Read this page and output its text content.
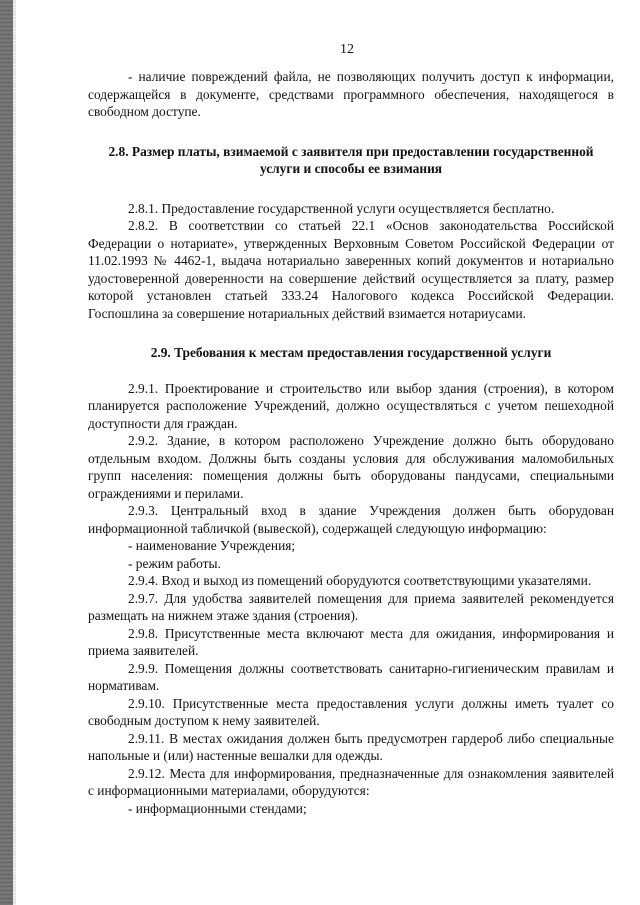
12

- наличие повреждений файла, не позволяющих получить доступ к информации, содержащейся в документе, средствами программного обеспечения, находящегося в свободном доступе.

2.8. Размер платы, взимаемой с заявителя при предоставлении государственной услуги и способы ее взимания

2.8.1. Предоставление государственной услуги осуществляется бесплатно.

2.8.2. В соответствии со статьей 22.1 «Основ законодательства Российской Федерации о нотариате», утвержденных Верховным Советом Российской Федерации от 11.02.1993 № 4462-1, выдача нотариально заверенных копий документов и нотариально удостоверенной доверенности на совершение действий осуществляется за плату, размер которой установлен статьей 333.24 Налогового кодекса Российской Федерации. Госпошлина за совершение нотариальных действий взимается нотариусами.

2.9. Требования к местам предоставления государственной услуги

2.9.1. Проектирование и строительство или выбор здания (строения), в котором планируется расположение Учреждений, должно осуществляться с учетом пешеходной доступности для граждан.

2.9.2. Здание, в котором расположено Учреждение должно быть оборудовано отдельным входом. Должны быть созданы условия для обслуживания маломобильных групп населения: помещения должны быть оборудованы пандусами, специальными ограждениями и перилами.

2.9.3. Центральный вход в здание Учреждения должен быть оборудован информационной табличкой (вывеской), содержащей следующую информацию:

- наименование Учреждения;

- режим работы.

2.9.4. Вход и выход из помещений оборудуются соответствующими указателями.

2.9.7. Для удобства заявителей помещения для приема заявителей рекомендуется размещать на нижнем этаже здания (строения).

2.9.8. Присутственные места включают места для ожидания, информирования и приема заявителей.

2.9.9. Помещения должны соответствовать санитарно-гигиеническим правилам и нормативам.

2.9.10. Присутственные места предоставления услуги должны иметь туалет со свободным доступом к нему заявителей.

2.9.11. В местах ожидания должен быть предусмотрен гардероб либо специальные напольные и (или) настенные вешалки для одежды.

2.9.12. Места для информирования, предназначенные для ознакомления заявителей с информационными материалами, оборудуются:

- информационными стендами;
